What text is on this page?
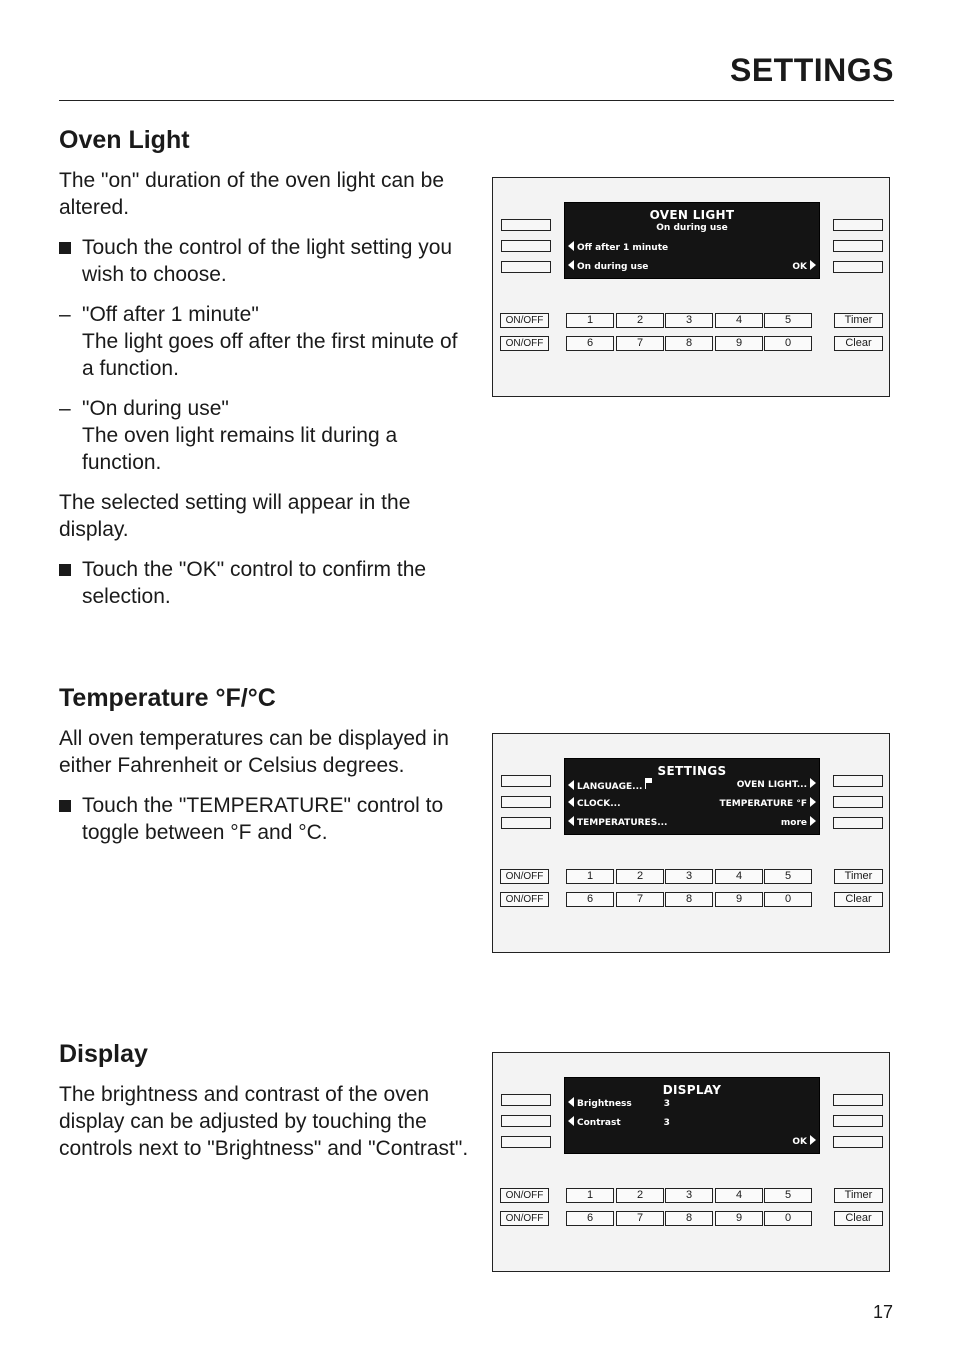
SETTINGS
Oven Light

The "on" duration of the oven light can be altered.

Touch the control of the light setting you wish to choose.
– "Off after 1 minute"
The light goes off after the first minute of a function.
– "On during use"
The oven light remains lit during a function.

The selected setting will appear in the display.

Touch the "OK" control to confirm the selection.
OVEN LIGHT
On during use
Off after 1 minute
On during use	OK
ON/OFF
ON/OFF
1	2	3	4	5
6	7	8	9	0
Timer
Clear
Temperature °F/°C

All oven temperatures can be displayed in either Fahrenheit or Celsius degrees.

Touch the "TEMPERATURE" control to toggle between °F and °C.
SETTINGS
LANGUAGE...
CLOCK...
TEMPERATURES...
OVEN LIGHT...
TEMPERATURE °F
more
ON/OFF
ON/OFF
1	2	3	4	5
6	7	8	9	0
Timer
Clear
Display

The brightness and contrast of the oven display can be adjusted by touching the controls next to "Brightness" and "Contrast".

DISPLAY
Brightness	3
Contrast	3
OK
ON/OFF
ON/OFF
1	2	3	4	5
6	7	8	9	0
Timer
Clear
17
